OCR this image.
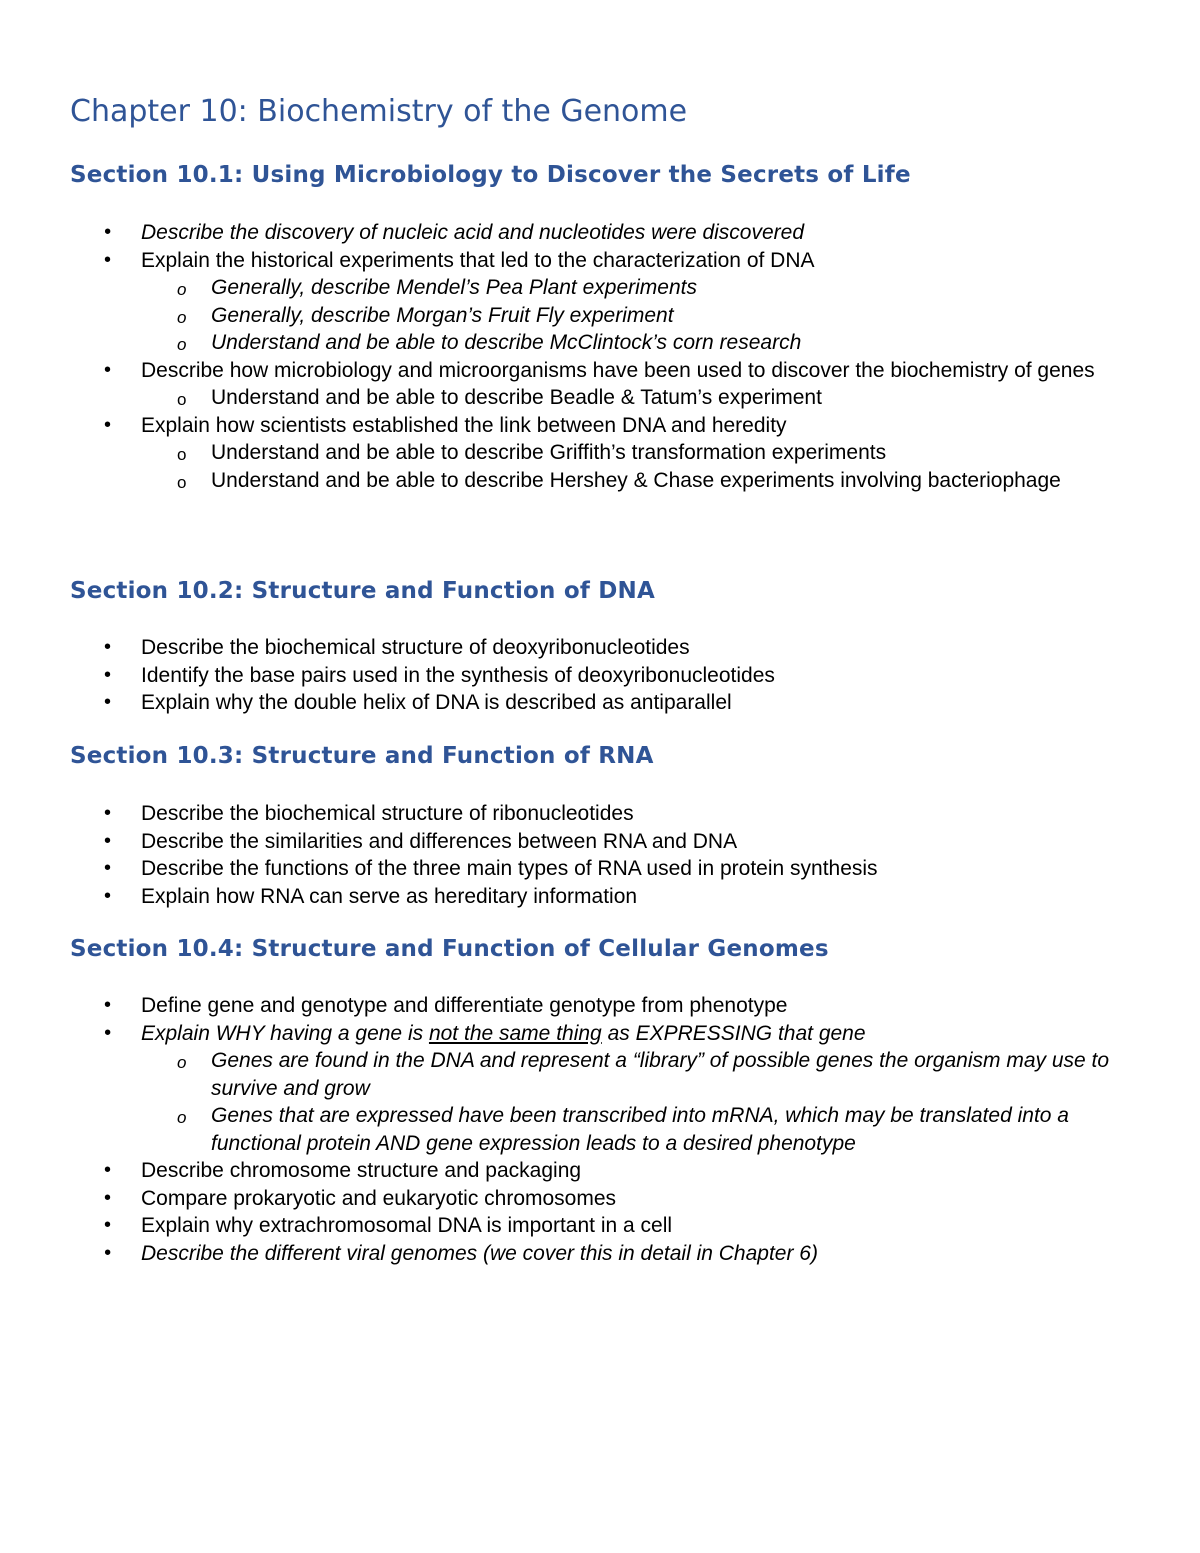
Chapter 10: Biochemistry of the Genome
Section 10.1: Using Microbiology to Discover the Secrets of Life
• Describe the discovery of nucleic acid and nucleotides were discovered
• Explain the historical experiments that led to the characterization of DNA
o Generally, describe Mendel’s Pea Plant experiments
o Generally, describe Morgan’s Fruit Fly experiment
o Understand and be able to describe McClintock’s corn research
• Describe how microbiology and microorganisms have been used to discover the biochemistry of genes
o Understand and be able to describe Beadle & Tatum’s experiment
• Explain how scientists established the link between DNA and heredity
o Understand and be able to describe Griffith’s transformation experiments
o Understand and be able to describe Hershey & Chase experiments involving bacteriophage
Section 10.2: Structure and Function of DNA
• Describe the biochemical structure of deoxyribonucleotides
• Identify the base pairs used in the synthesis of deoxyribonucleotides
• Explain why the double helix of DNA is described as antiparallel
Section 10.3: Structure and Function of RNA
• Describe the biochemical structure of ribonucleotides
• Describe the similarities and differences between RNA and DNA
• Describe the functions of the three main types of RNA used in protein synthesis
• Explain how RNA can serve as hereditary information
Section 10.4: Structure and Function of Cellular Genomes
• Define gene and genotype and differentiate genotype from phenotype
• Explain WHY having a gene is not the same thing as EXPRESSING that gene
o Genes are found in the DNA and represent a “library” of possible genes the organism may use to survive and grow
o Genes that are expressed have been transcribed into mRNA, which may be translated into a functional protein AND gene expression leads to a desired phenotype
• Describe chromosome structure and packaging
• Compare prokaryotic and eukaryotic chromosomes
• Explain why extrachromosomal DNA is important in a cell
• Describe the different viral genomes (we cover this in detail in Chapter 6)
